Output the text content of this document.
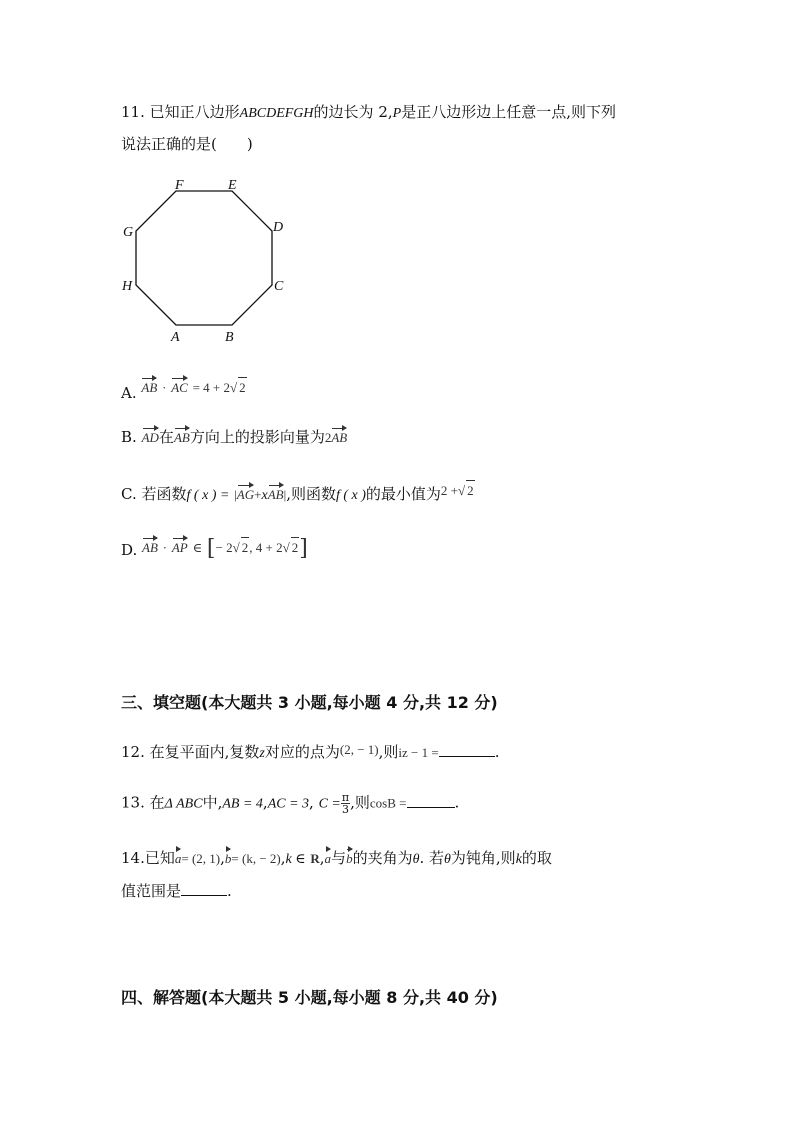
11. 已知正八边形ABCDEFGH的边长为 2,P是正八边形边上任意一点,则下列
说法正确的是(　　)
A	B
C
D
E
F
G
H
A. AB · AC = 4 + 2√ 2
B. AD在AB方向上的投影向量为2AB
C. 若函数f ( x ) = |AG+xAB|,则函数f ( x )的最小值为2 +√ 2
D. AB · AP ∈ [− 2√ 2, 4 + 2√ 2]
三、填空题(本大题共 3 小题,每小题 4 分,共 12 分)
12. 在复平面内,复数z对应的点为(2, − 1),则iz − 1 =	.
13. 在Δ ABC中,AB = 4,AC = 3, $C = \frac{\pi}{3}$ ,则cosB =	.
14.已知a= (2, 1),b= (k, − 2),k ∈ R,a与b的夹角为θ. 若θ为钝角,则k的取
值范围是	.
四、解答题(本大题共 5 小题,每小题 8 分,共 40 分)
